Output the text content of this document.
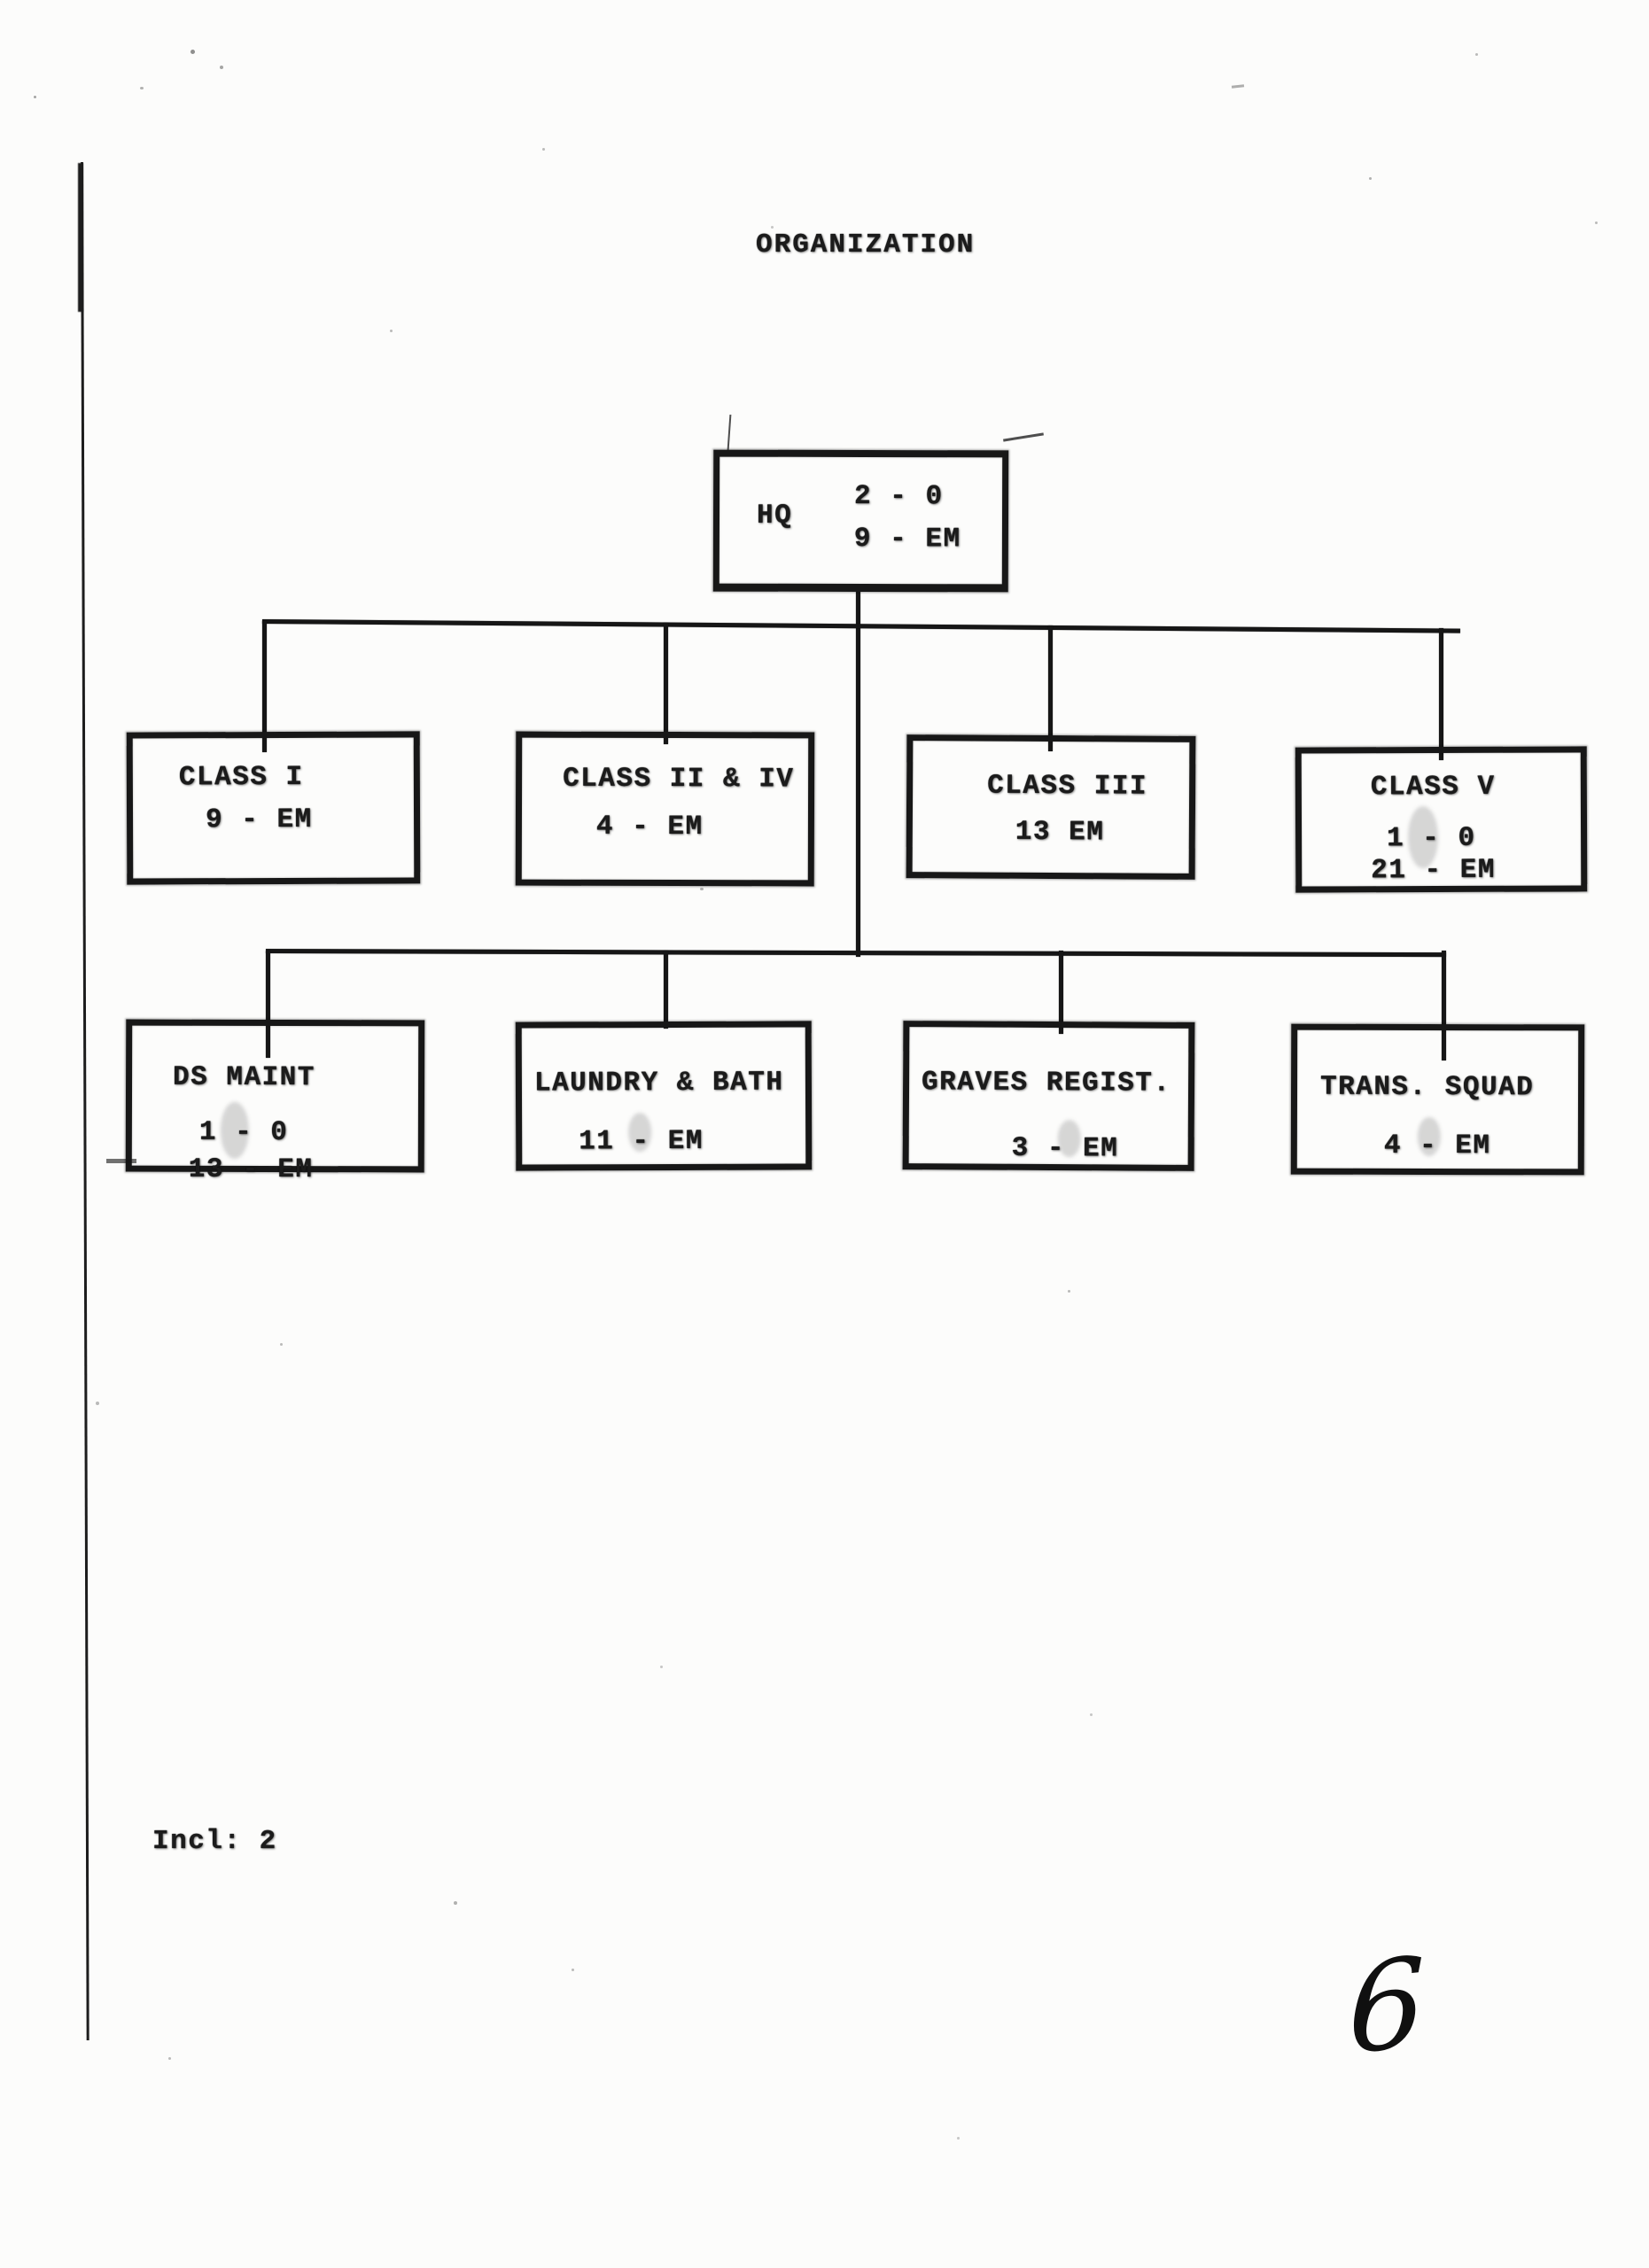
ORGANIZATION
HQ
2 - 0
9 - EM
CLASS I
9 - EM
CLASS II & IV
4 - EM
CLASS III
13 EM
CLASS V
1 - 0
21 - EM
DS MAINT
1 - 0
13 - EM
LAUNDRY & BATH
11 - EM
GRAVES REGIST.
3 - EM
TRANS. SQUAD
4 - EM
Incl: 2
6
